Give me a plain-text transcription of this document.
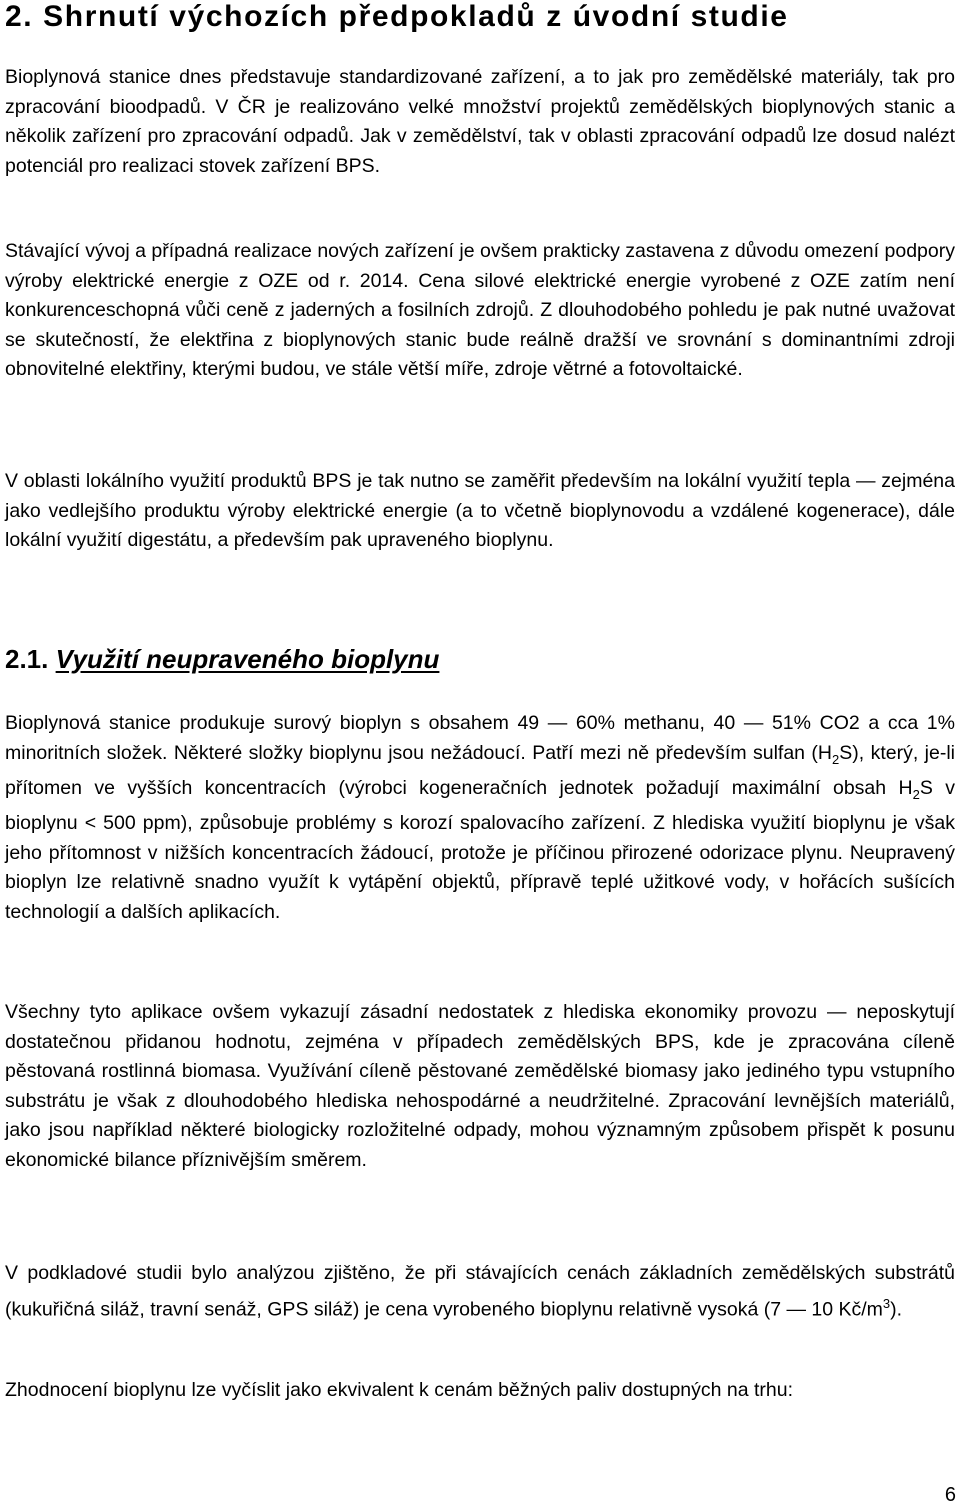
2. Shrnutí výchozích předpokladů z úvodní studie

Bioplynová stanice dnes představuje standardizované zařízení, a to jak pro zemědělské materiály, tak pro zpracování bioodpadů. V ČR je realizováno velké množství projektů zemědělských bioplynových stanic a několik zařízení pro zpracování odpadů. Jak v zemědělství, tak v oblasti zpracování odpadů lze dosud nalézt potenciál pro realizaci stovek zařízení BPS.

Stávající vývoj a případná realizace nových zařízení je ovšem prakticky zastavena z důvodu omezení podpory výroby elektrické energie z OZE od r. 2014. Cena silové elektrické energie vyrobené z OZE zatím není konkurenceschopná vůči ceně z jaderných a fosilních zdrojů. Z dlouhodobého pohledu je pak nutné uvažovat se skutečností, že elektřina z bioplynových stanic bude reálně dražší ve srovnání s dominantními zdroji obnovitelné elektřiny, kterými budou, ve stále větší míře, zdroje větrné a fotovoltaické.

V oblasti lokálního využití produktů BPS je tak nutno se zaměřit především na lokální využití tepla — zejména jako vedlejšího produktu výroby elektrické energie (a to včetně bioplynovodu a vzdálené kogenerace), dále lokální využití digestátu, a především pak upraveného bioplynu.

2.1. Využití neupraveného bioplynu

Bioplynová stanice produkuje surový bioplyn s obsahem 49 — 60% methanu, 40 — 51% CO2 a cca 1% minoritních složek. Některé složky bioplynu jsou nežádoucí. Patří mezi ně především sulfan $(H_2S)$, který, je-li přítomen ve vyšších koncentracích (výrobci kogeneračních jednotek požadují maximální obsah $H_2S$ v bioplynu < 500 ppm), způsobuje problémy s korozí spalovacího zařízení. Z hlediska využití bioplynu je však jeho přítomnost v nižších koncentracích žádoucí, protože je příčinou přirozené odorizace plynu. Neupravený bioplyn lze relativně snadno využít k vytápění objektů, přípravě teplé užitkové vody, v hořácích sušících technologií a dalších aplikacích.

Všechny tyto aplikace ovšem vykazují zásadní nedostatek z hlediska ekonomiky provozu — neposkytují dostatečnou přidanou hodnotu, zejména v případech zemědělských BPS, kde je zpracována cíleně pěstovaná rostlinná biomasa. Využívání cíleně pěstované zemědělské biomasy jako jediného typu vstupního substrátu je však z dlouhodobého hlediska nehospodárné a neudržitelné. Zpracování levnějších materiálů, jako jsou například některé biologicky rozložitelné odpady, mohou významným způsobem přispět k posunu ekonomické bilance příznivějším směrem.

V podkladové studii bylo analýzou zjištěno, že při stávajících cenách základních zemědělských substrátů (kukuřičná siláž, travní senáž, GPS siláž) je cena vyrobeného bioplynu relativně vysoká (7 — 10 $Kč/m^3$).

Zhodnocení bioplynu lze vyčíslit jako ekvivalent k cenám běžných paliv dostupných na trhu:

6
